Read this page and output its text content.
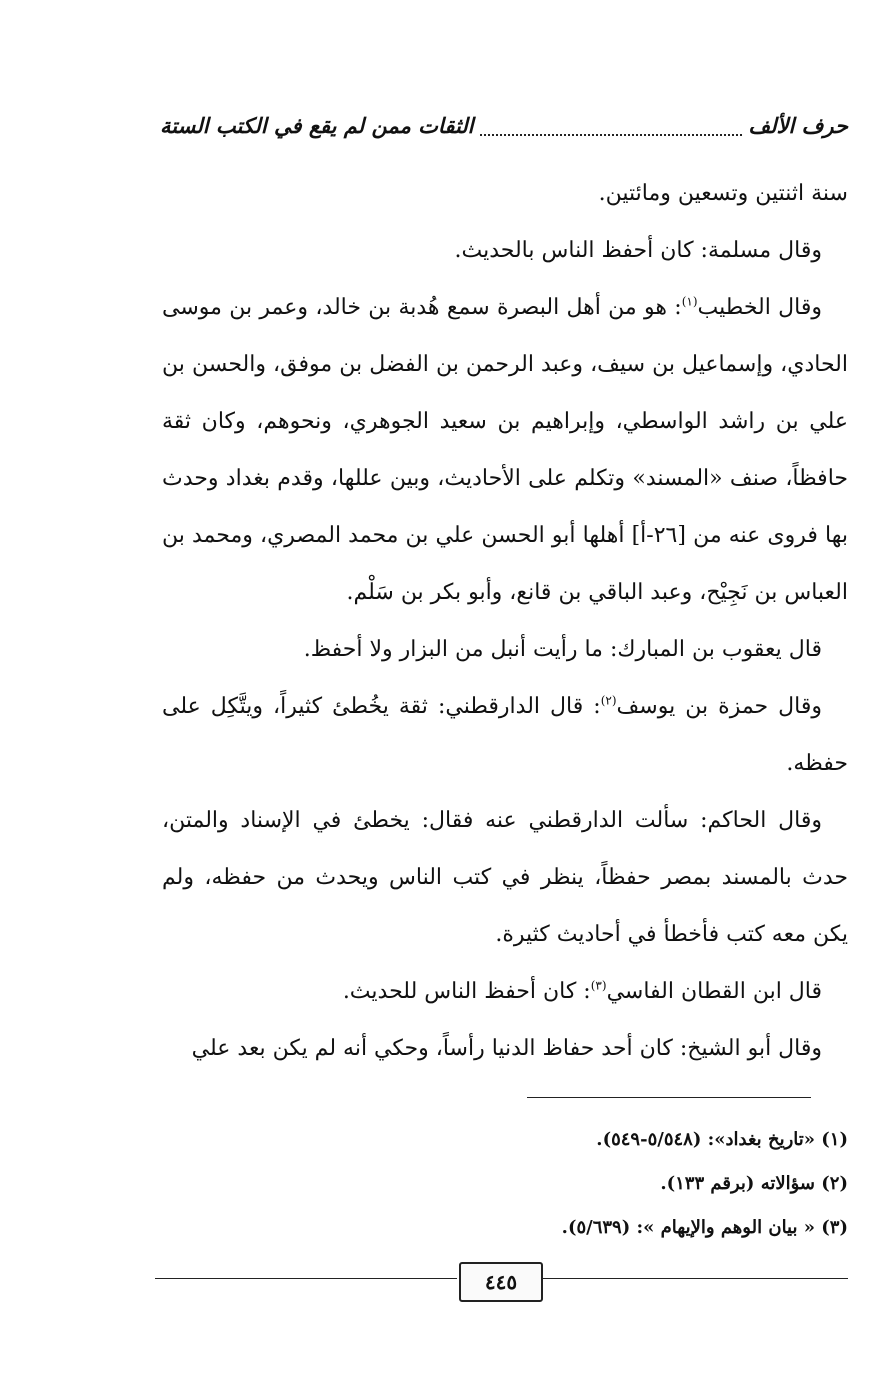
حرف الألف
الثقات ممن لم يقع في الكتب الستة

سنة اثنتين وتسعين ومائتين.

وقال مسلمة: كان أحفظ الناس بالحديث.

وقال الخطيب$^{(١)}$: هو من أهل البصرة سمع هُدبة بن خالد، وعمر بن موسى الحادي، وإسماعيل بن سيف، وعبد الرحمن بن الفضل بن موفق، والحسن بن علي بن راشد الواسطي، وإبراهيم بن سعيد الجوهري، ونحوهم، وكان ثقة حافظاً، صنف «المسند» وتكلم على الأحاديث، وبين عللها، وقدم بغداد وحدث بها فروى عنه من [٢٦-أ] أهلها أبو الحسن علي بن محمد المصري، ومحمد بن العباس بن نَجِيْح، وعبد الباقي بن قانع، وأبو بكر بن سَلْم.

قال يعقوب بن المبارك: ما رأيت أنبل من البزار ولا أحفظ.

وقال حمزة بن يوسف$^{(٢)}$: قال الدارقطني: ثقة يخُطئ كثيراً، ويتَّكِل على حفظه.

وقال الحاكم: سألت الدارقطني عنه فقال: يخطئ في الإسناد والمتن، حدث بالمسند بمصر حفظاً، ينظر في كتب الناس ويحدث من حفظه، ولم يكن معه كتب فأخطأ في أحاديث كثيرة.

قال ابن القطان الفاسي$^{(٣)}$: كان أحفظ الناس للحديث.

وقال أبو الشيخ: كان أحد حفاظ الدنيا رأساً، وحكي أنه لم يكن بعد علي

(١) «تاريخ بغداد»: (٥/٥٤٨-٥٤٩).
(٢) سؤالاته (برقم ١٣٣).
(٣) « بيان الوهم والإيهام »: (٥/٦٣٩).
٤٤٥
